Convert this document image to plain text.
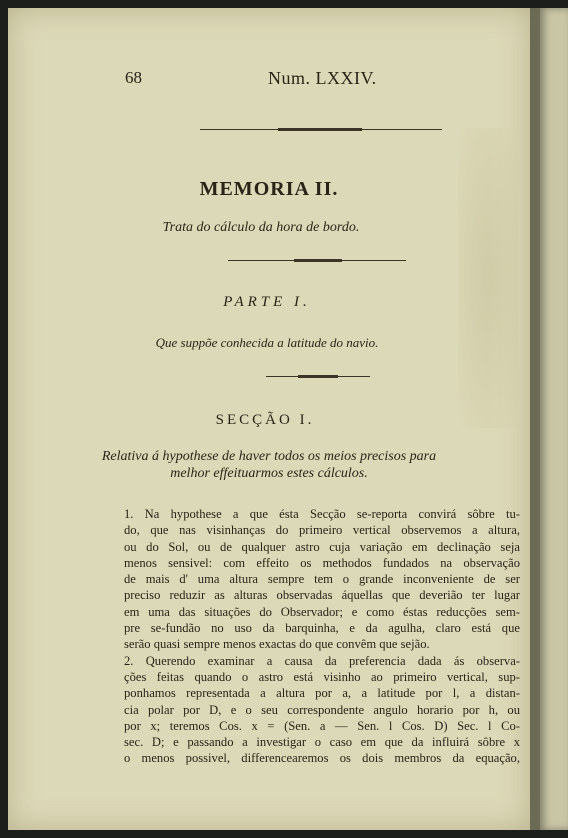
68	Num. LXXIV.
MEMORIA II.
Trata do cálculo da hora de bordo.
PARTE I.
Que suppõe conhecida a latitude do navio.
SECÇÃO I.
Relativa á hypothese de haver todos os meios precisos para
melhor effeituarmos estes cálculos.
1. Na hypothese a que ésta Secção se-reporta convirá sôbre tu-
do, que nas visinhanças do primeiro vertical observemos a altura,
ou do Sol, ou de qualquer astro cuja variação em declinação seja
menos sensivel: com effeito os methodos fundados na observação
de mais d' uma altura sempre tem o grande inconveniente de ser
preciso reduzir as alturas observadas áquellas que deverião ter lugar
em uma das situações do Observador; e como éstas reducções sem-
pre se-fundão no uso da barquinha, e da agulha, claro está que
serão quasi sempre menos exactas do que convêm que sejão.
2. Querendo examinar a causa da preferencia dada ás observa-
ções feitas quando o astro está visinho ao primeiro vertical, sup-
ponhamos representada a altura por a, a latitude por l, a distan-
cia polar por D, e o seu correspondente angulo horario por h, ou
por x; teremos Cos. x = (Sen. a — Sen. l Cos. D) Sec. l Co-
sec. D; e passando a investigar o caso em que da influirá sôbre x
o menos possivel, differencearemos os dois membros da equação,
